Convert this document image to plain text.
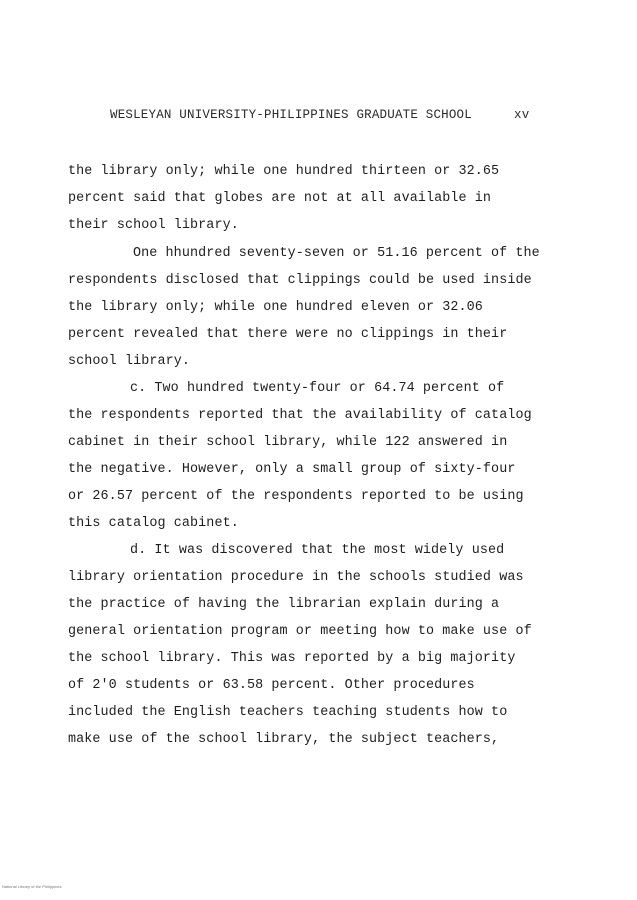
WESLEYAN UNIVERSITY-PHILIPPINES GRADUATE SCHOOL	xv
the library only; while one hundred thirteen or 32.65
percent said that globes are not at all available in
their school library.
One hhundred seventy-seven or 51.16 percent of the
respondents disclosed that clippings could be used inside
the library only; while one hundred eleven or 32.06
percent revealed that there were no clippings in their
school library.
c. Two hundred twenty-four or 64.74 percent of
the respondents reported that the availability of catalog
cabinet in their school library, while 122 answered in
the negative. However, only a small group of sixty-four
or 26.57 percent of the respondents reported to be using
this catalog cabinet.
d. It was discovered that the most widely used
library orientation procedure in the schools studied was
the practice of having the librarian explain during a
general orientation program or meeting how to make use of
the school library. This was reported by a big majority
of 2'0 students or 63.58 percent. Other procedures
included the English teachers teaching students how to
make use of the school library, the subject teachers,
National Library of the Philippines
